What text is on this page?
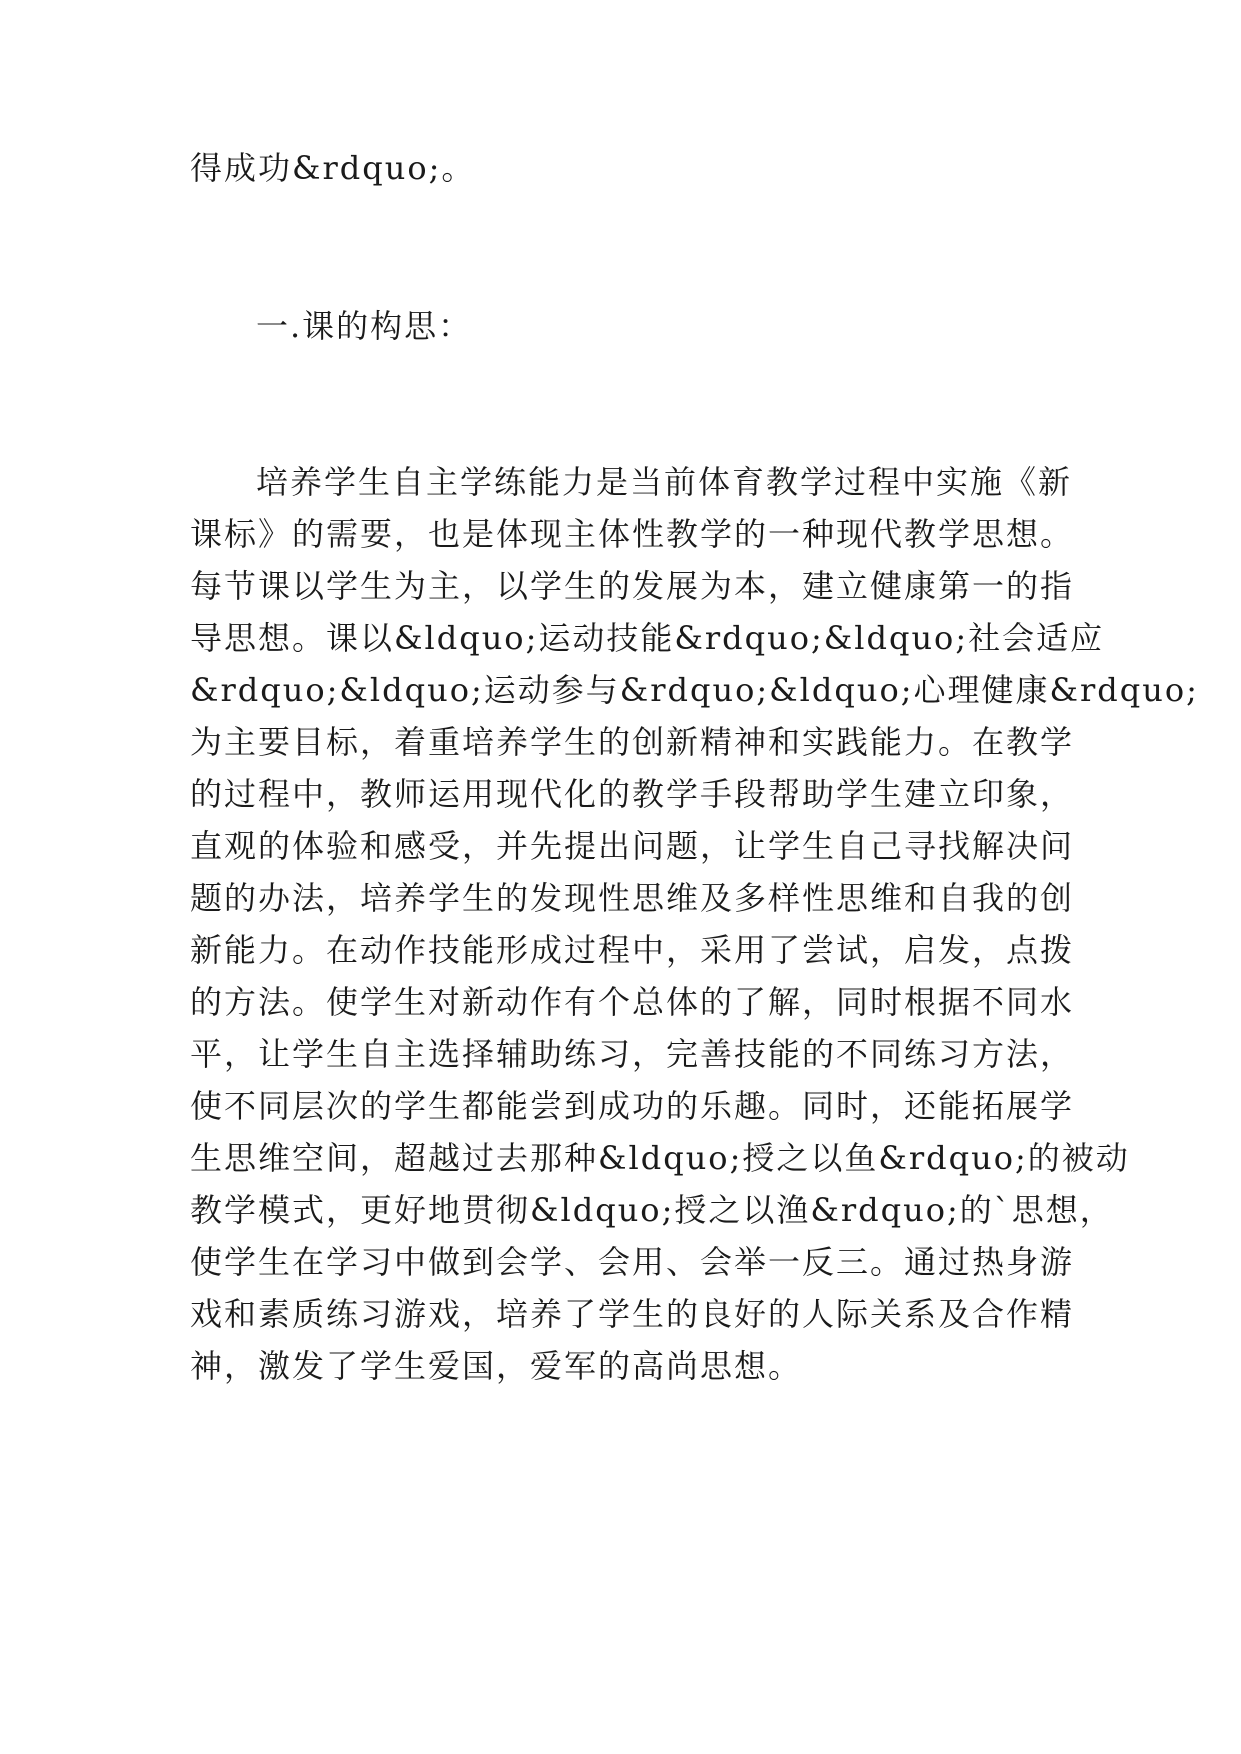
得成功&rdquo;。
一.课的构思：
培养学生自主学练能力是当前体育教学过程中实施《新
课标》的需要，也是体现主体性教学的一种现代教学思想。
每节课以学生为主，以学生的发展为本，建立健康第一的指
导思想。课以&ldquo;运动技能&rdquo;&ldquo;社会适应
&rdquo;&ldquo;运动参与&rdquo;&ldquo;心理健康&rdquo;
为主要目标，着重培养学生的创新精神和实践能力。在教学
的过程中，教师运用现代化的教学手段帮助学生建立印象，
直观的体验和感受，并先提出问题，让学生自己寻找解决问
题的办法，培养学生的发现性思维及多样性思维和自我的创
新能力。在动作技能形成过程中，采用了尝试，启发，点拨
的方法。使学生对新动作有个总体的了解，同时根据不同水
平，让学生自主选择辅助练习，完善技能的不同练习方法，
使不同层次的学生都能尝到成功的乐趣。同时，还能拓展学
生思维空间，超越过去那种&ldquo;授之以鱼&rdquo;的被动
教学模式，更好地贯彻&ldquo;授之以渔&rdquo;的`思想，
使学生在学习中做到会学、会用、会举一反三。通过热身游
戏和素质练习游戏，培养了学生的良好的人际关系及合作精
神，激发了学生爱国，爱军的高尚思想。
